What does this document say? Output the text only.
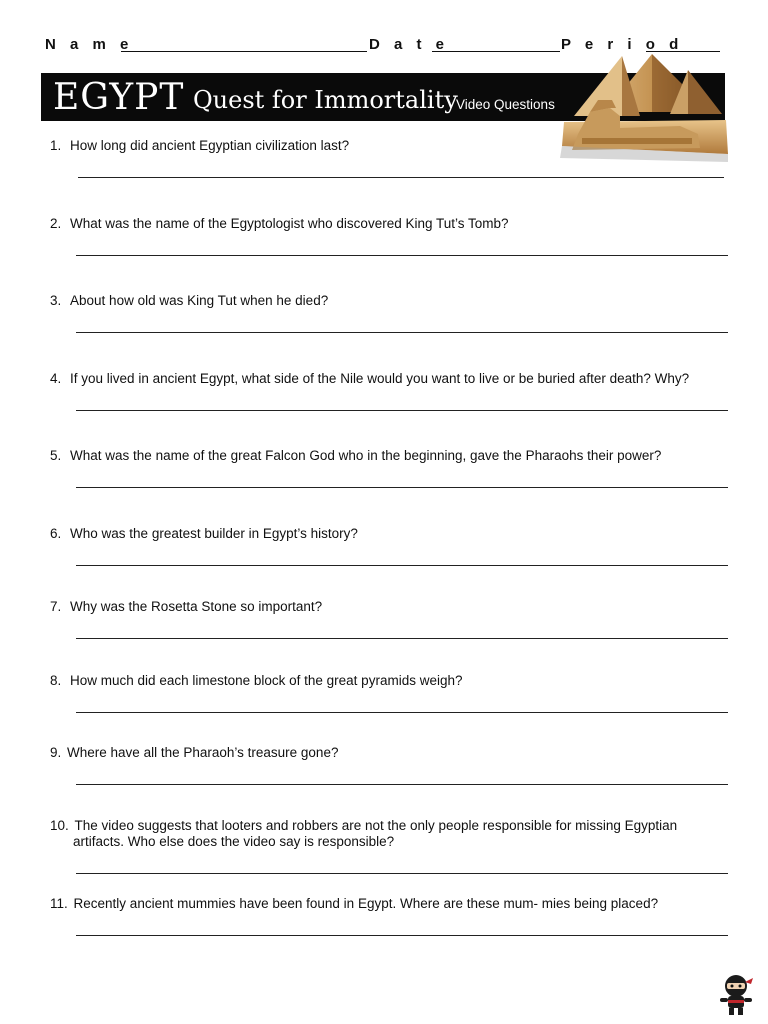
N a m e	D a t e	P e r i o d
EGYPT Quest for Immortality
Video Questions
1. How long did ancient Egyptian civilization last?
2. What was the name of the Egyptologist who discovered King Tut’s Tomb?
3. About how old was King Tut when he died?
4. If you lived in ancient Egypt, what side of the Nile would you want to live or be buried after death? Why?
5. What was the name of the great Falcon God who in the beginning, gave the Pharaohs their power?
6. Who was the greatest builder in Egypt’s history?
7. Why was the Rosetta Stone so important?
8. How much did each limestone block of the great pyramids weigh?
9. Where have all the Pharaoh’s treasure gone?
10. The video suggests that looters and robbers are not the only people responsible for missing Egyptian
artifacts. Who else does the video say is responsible?
11. Recently ancient mummies have been found in Egypt. Where are these mum- mies being placed?
